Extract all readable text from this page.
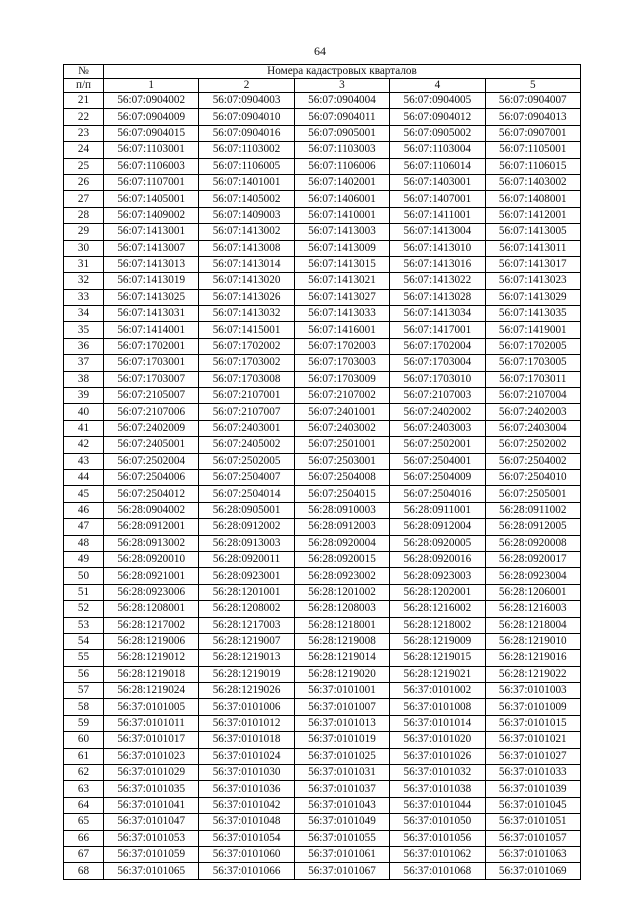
64
№	Номера кадастровых кварталов				
п/п	1	2	3	4	5
21	56:07:0904002	56:07:0904003	56:07:0904004	56:07:0904005	56:07:0904007
22	56:07:0904009	56:07:0904010	56:07:0904011	56:07:0904012	56:07:0904013
23	56:07:0904015	56:07:0904016	56:07:0905001	56:07:0905002	56:07:0907001
24	56:07:1103001	56:07:1103002	56:07:1103003	56:07:1103004	56:07:1105001
25	56:07:1106003	56:07:1106005	56:07:1106006	56:07:1106014	56:07:1106015
26	56:07:1107001	56:07:1401001	56:07:1402001	56:07:1403001	56:07:1403002
27	56:07:1405001	56:07:1405002	56:07:1406001	56:07:1407001	56:07:1408001
28	56:07:1409002	56:07:1409003	56:07:1410001	56:07:1411001	56:07:1412001
29	56:07:1413001	56:07:1413002	56:07:1413003	56:07:1413004	56:07:1413005
30	56:07:1413007	56:07:1413008	56:07:1413009	56:07:1413010	56:07:1413011
31	56:07:1413013	56:07:1413014	56:07:1413015	56:07:1413016	56:07:1413017
32	56:07:1413019	56:07:1413020	56:07:1413021	56:07:1413022	56:07:1413023
33	56:07:1413025	56:07:1413026	56:07:1413027	56:07:1413028	56:07:1413029
34	56:07:1413031	56:07:1413032	56:07:1413033	56:07:1413034	56:07:1413035
35	56:07:1414001	56:07:1415001	56:07:1416001	56:07:1417001	56:07:1419001
36	56:07:1702001	56:07:1702002	56:07:1702003	56:07:1702004	56:07:1702005
37	56:07:1703001	56:07:1703002	56:07:1703003	56:07:1703004	56:07:1703005
38	56:07:1703007	56:07:1703008	56:07:1703009	56:07:1703010	56:07:1703011
39	56:07:2105007	56:07:2107001	56:07:2107002	56:07:2107003	56:07:2107004
40	56:07:2107006	56:07:2107007	56:07:2401001	56:07:2402002	56:07:2402003
41	56:07:2402009	56:07:2403001	56:07:2403002	56:07:2403003	56:07:2403004
42	56:07:2405001	56:07:2405002	56:07:2501001	56:07:2502001	56:07:2502002
43	56:07:2502004	56:07:2502005	56:07:2503001	56:07:2504001	56:07:2504002
44	56:07:2504006	56:07:2504007	56:07:2504008	56:07:2504009	56:07:2504010
45	56:07:2504012	56:07:2504014	56:07:2504015	56:07:2504016	56:07:2505001
46	56:28:0904002	56:28:0905001	56:28:0910003	56:28:0911001	56:28:0911002
47	56:28:0912001	56:28:0912002	56:28:0912003	56:28:0912004	56:28:0912005
48	56:28:0913002	56:28:0913003	56:28:0920004	56:28:0920005	56:28:0920008
49	56:28:0920010	56:28:0920011	56:28:0920015	56:28:0920016	56:28:0920017
50	56:28:0921001	56:28:0923001	56:28:0923002	56:28:0923003	56:28:0923004
51	56:28:0923006	56:28:1201001	56:28:1201002	56:28:1202001	56:28:1206001
52	56:28:1208001	56:28:1208002	56:28:1208003	56:28:1216002	56:28:1216003
53	56:28:1217002	56:28:1217003	56:28:1218001	56:28:1218002	56:28:1218004
54	56:28:1219006	56:28:1219007	56:28:1219008	56:28:1219009	56:28:1219010
55	56:28:1219012	56:28:1219013	56:28:1219014	56:28:1219015	56:28:1219016
56	56:28:1219018	56:28:1219019	56:28:1219020	56:28:1219021	56:28:1219022
57	56:28:1219024	56:28:1219026	56:37:0101001	56:37:0101002	56:37:0101003
58	56:37:0101005	56:37:0101006	56:37:0101007	56:37:0101008	56:37:0101009
59	56:37:0101011	56:37:0101012	56:37:0101013	56:37:0101014	56:37:0101015
60	56:37:0101017	56:37:0101018	56:37:0101019	56:37:0101020	56:37:0101021
61	56:37:0101023	56:37:0101024	56:37:0101025	56:37:0101026	56:37:0101027
62	56:37:0101029	56:37:0101030	56:37:0101031	56:37:0101032	56:37:0101033
63	56:37:0101035	56:37:0101036	56:37:0101037	56:37:0101038	56:37:0101039
64	56:37:0101041	56:37:0101042	56:37:0101043	56:37:0101044	56:37:0101045
65	56:37:0101047	56:37:0101048	56:37:0101049	56:37:0101050	56:37:0101051
66	56:37:0101053	56:37:0101054	56:37:0101055	56:37:0101056	56:37:0101057
67	56:37:0101059	56:37:0101060	56:37:0101061	56:37:0101062	56:37:0101063
68	56:37:0101065	56:37:0101066	56:37:0101067	56:37:0101068	56:37:0101069
